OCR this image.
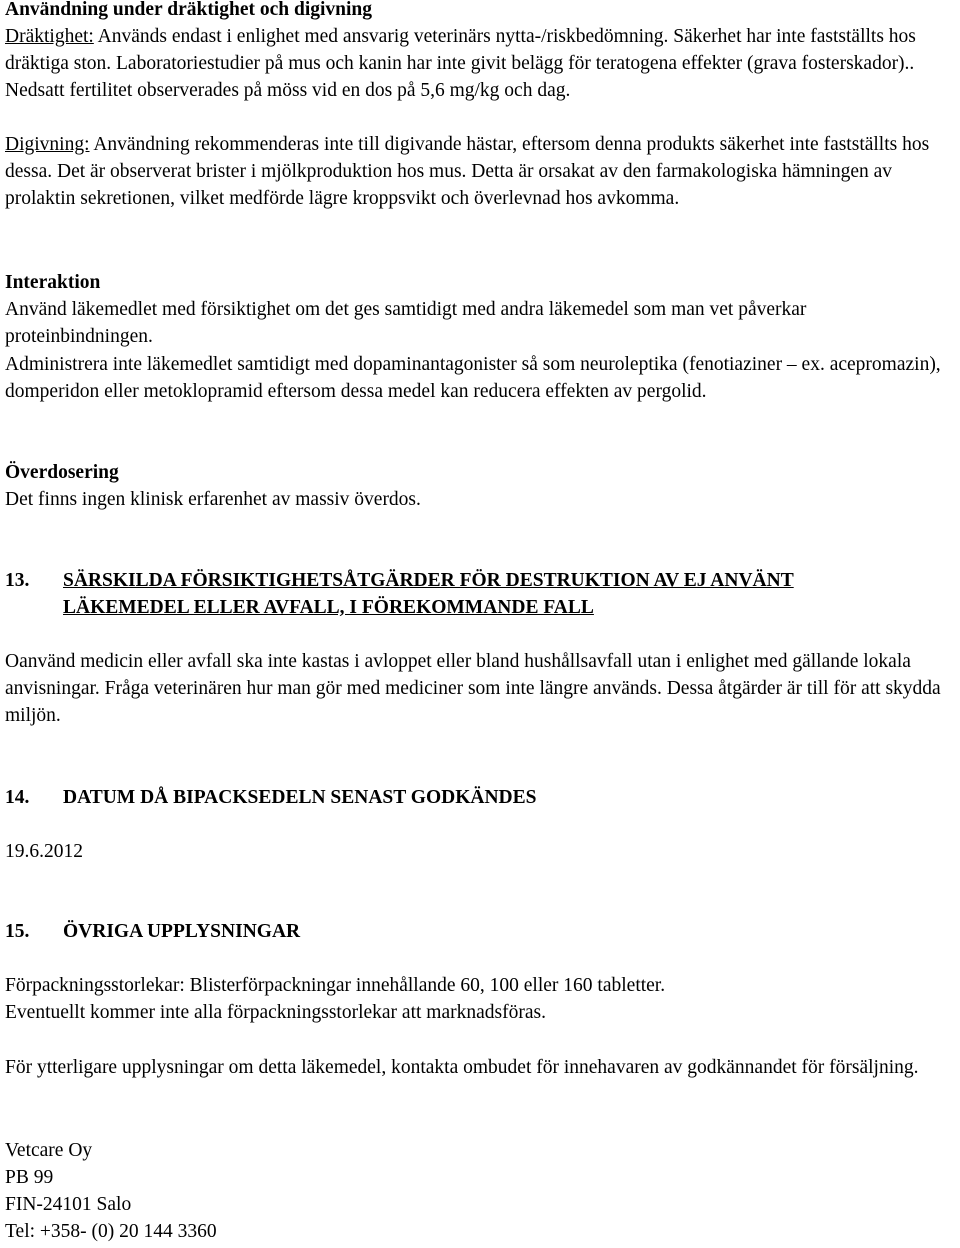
Användning under dräktighet och digivning

Dräktighet: Används endast i enlighet med ansvarig veterinärs nytta-/riskbedömning. Säkerhet har inte fastställts hos dräktiga ston. Laboratoriestudier på mus och kanin har inte givit belägg för teratogena effekter (grava fosterskador).. Nedsatt fertilitet observerades på möss vid en dos på 5,6 mg/kg och dag.

Digivning: Användning rekommenderas inte till digivande hästar, eftersom denna produkts säkerhet inte fastställts hos dessa. Det är observerat brister i mjölkproduktion hos mus. Detta är orsakat av den farmakologiska hämningen av prolaktin sekretionen, vilket medförde lägre kroppsvikt och överlevnad hos avkomma.

Interaktion

Använd läkemedlet med försiktighet om det ges samtidigt med andra läkemedel som man vet påverkar proteinbindningen.

Administrera inte läkemedlet samtidigt med dopaminantagonister så som neuroleptika (fenotiaziner – ex. acepromazin), domperidon eller metoklopramid eftersom dessa medel kan reducera effekten av pergolid.

Överdosering

Det finns ingen klinisk erfarenhet av massiv överdos.

13. SÄRSKILDA FÖRSIKTIGHETSÅTGÄRDER FÖR DESTRUKTION AV EJ ANVÄNT

LÄKEMEDEL ELLER AVFALL, I FÖREKOMMANDE FALL

Oanvänd medicin eller avfall ska inte kastas i avloppet eller bland hushållsavfall utan i enlighet med gällande lokala anvisningar. Fråga veterinären hur man gör med mediciner som inte längre används. Dessa åtgärder är till för att skydda miljön.

14. DATUM DÅ BIPACKSEDELN SENAST GODKÄNDES

19.6.2012

15. ÖVRIGA UPPLYSNINGAR

Förpackningsstorlekar: Blisterförpackningar innehållande 60, 100 eller 160 tabletter.

Eventuellt kommer inte alla förpackningsstorlekar att marknadsföras.

För ytterligare upplysningar om detta läkemedel, kontakta ombudet för innehavaren av godkännandet för försäljning.

Vetcare Oy

PB 99

FIN-24101 Salo

Tel: +358- (0) 20 144 3360
